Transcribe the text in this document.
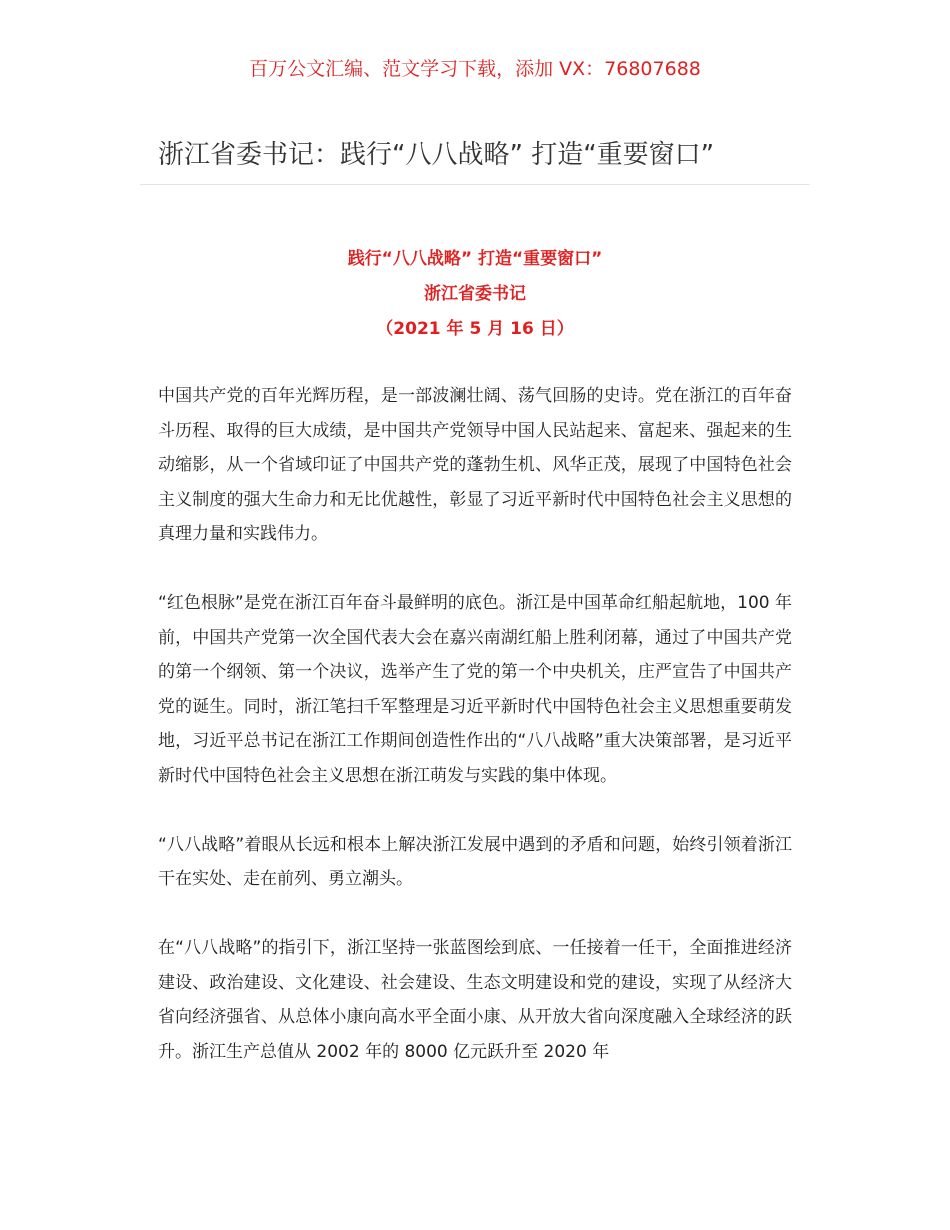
百万公文汇编、范文学习下载，添加 VX：76807688
浙江省委书记：践行“八八战略” 打造“重要窗口”
践行“八八战略” 打造“重要窗口”
浙江省委书记
（2021 年 5 月 16 日）

中国共产党的百年光辉历程，是一部波澜壮阔、荡气回肠的史诗。党在浙江的百年奋斗历程、取得的巨大成绩，是中国共产党领导中国人民站起来、富起来、强起来的生动缩影，从一个省域印证了中国共产党的蓬勃生机、风华正茂，展现了中国特色社会主义制度的强大生命力和无比优越性，彰显了习近平新时代中国特色社会主义思想的真理力量和实践伟力。

“红色根脉”是党在浙江百年奋斗最鲜明的底色。浙江是中国革命红船起航地，100 年前，中国共产党第一次全国代表大会在嘉兴南湖红船上胜利闭幕，通过了中国共产党的第一个纲领、第一个决议，选举产生了党的第一个中央机关，庄严宣告了中国共产党的诞生。同时，浙江笔扫千军整理是习近平新时代中国特色社会主义思想重要萌发地，习近平总书记在浙江工作期间创造性作出的“八八战略”重大决策部署，是习近平新时代中国特色社会主义思想在浙江萌发与实践的集中体现。

“八八战略”着眼从长远和根本上解决浙江发展中遇到的矛盾和问题，始终引领着浙江干在实处、走在前列、勇立潮头。

在“八八战略”的指引下，浙江坚持一张蓝图绘到底、一任接着一任干，全面推进经济建设、政治建设、文化建设、社会建设、生态文明建设和党的建设，实现了从经济大省向经济强省、从总体小康向高水平全面小康、从开放大省向深度融入全球经济的跃升。浙江生产总值从 2002 年的 8000 亿元跃升至 2020 年
